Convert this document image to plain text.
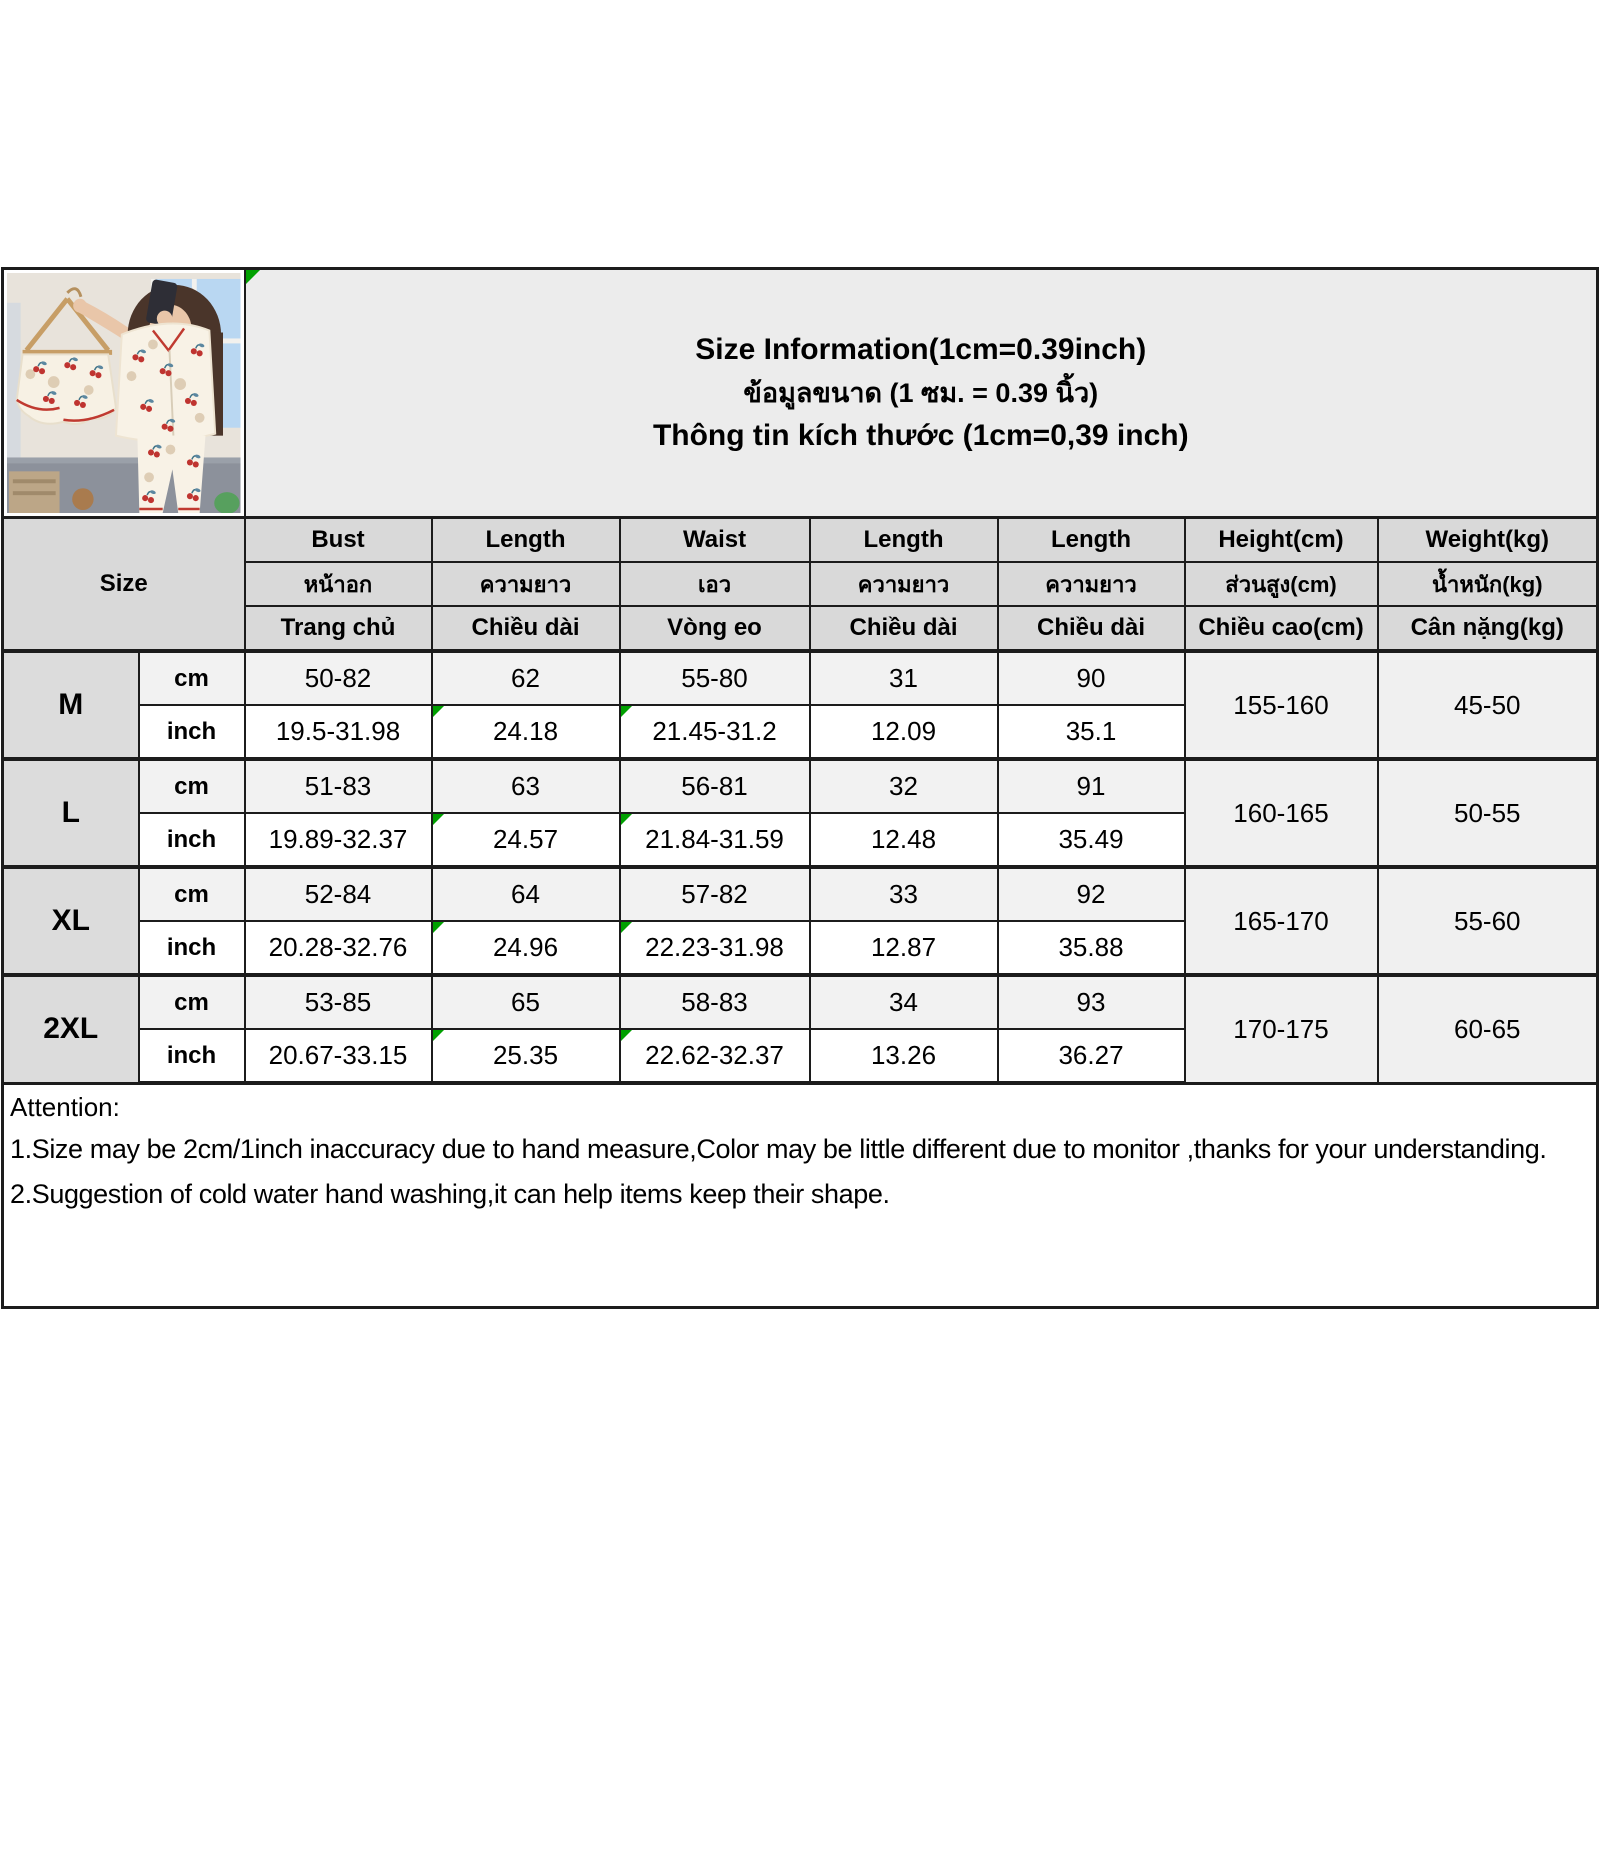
Size Information(1cm=0.39inch)
ข้อมูลขนาด (1 ซม. = 0.39 นิ้ว)
Thông tin kích thước (1cm=0,39 inch)						

Size		Bust	Length	Waist	Length	Length	Height(cm)	Weight(kg)
		หน้าอก	ความยาว	เอว	ความยาว	ความยาว	ส่วนสูง(cm)	น้ำหนัก(kg)
		Trang chủ	Chiều dài	Vòng eo	Chiều dài	Chiều dài	Chiều cao(cm)	Cân nặng(kg)
M	cm	50-82	62	55-80	31	90	155-160	45-50
	inch	19.5-31.98	24.18	21.45-31.2	12.09	35.1		
L	cm	51-83	63	56-81	32	91	160-165	50-55
	inch	19.89-32.37	24.57	21.84-31.59	12.48	35.49		
XL	cm	52-84	64	57-82	33	92	165-170	55-60
	inch	20.28-32.76	24.96	22.23-31.98	12.87	35.88		
2XL	cm	53-85	65	58-83	34	93	170-175	60-65
	inch	20.67-33.15	25.35	22.62-32.37	13.26	36.27		
Attention:
1.Size may be 2cm/1inch inaccuracy due to hand measure,Color may be little different due to monitor ,thanks for your understanding.
2.Suggestion of cold water hand washing,it can help items keep their shape.
